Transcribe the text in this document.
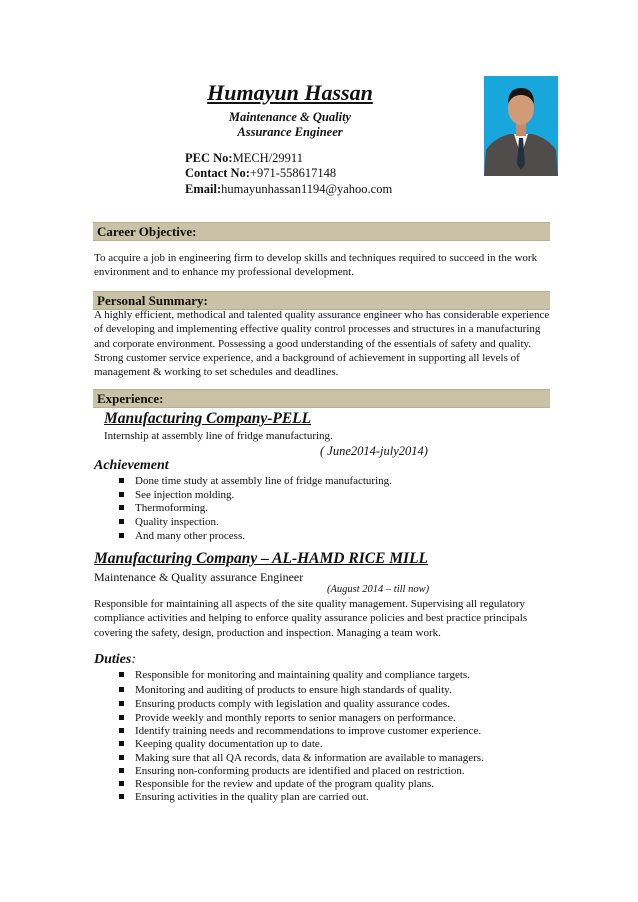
Humayun Hassan
Maintenance & Quality
Assurance Engineer
PEC No:MECH/29911
Contact No:+971-558617148
Email:humayunhassan1194@yahoo.com
Career Objective:
To acquire a job in engineering firm to develop skills and techniques required to succeed in the work environment and to enhance my professional development.
Personal Summary:
A highly efficient, methodical and talented quality assurance engineer who has considerable experience of developing and implementing effective quality control processes and structures in a manufacturing and corporate environment. Possessing a good understanding of the essentials of safety and quality. Strong customer service experience, and a background of achievement in supporting all levels of management & working to set schedules and deadlines.
Experience:
Manufacturing Company-PELL
Internship at assembly line of fridge manufacturing.
( June2014-july2014)
Achievement
Done time study at assembly line of fridge manufacturing.
See injection molding.
Thermoforming.
Quality inspection.
And many other process.
Manufacturing Company – AL-HAMD RICE MILL
Maintenance & Quality assurance Engineer
(August 2014 – till now)
Responsible for maintaining all aspects of the site quality management. Supervising all regulatory compliance activities and helping to enforce quality assurance policies and best practice principals covering the safety, design, production and inspection. Managing a team work.
Duties:
Responsible for monitoring and maintaining quality and compliance targets.
Monitoring and auditing of products to ensure high standards of quality.
Ensuring products comply with legislation and quality assurance codes.
Provide weekly and monthly reports to senior managers on performance.
Identify training needs and recommendations to improve customer experience.
Keeping quality documentation up to date.
Making sure that all QA records, data & information are available to managers.
Ensuring non-conforming products are identified and placed on restriction.
Responsible for the review and update of the program quality plans.
Ensuring activities in the quality plan are carried out.
